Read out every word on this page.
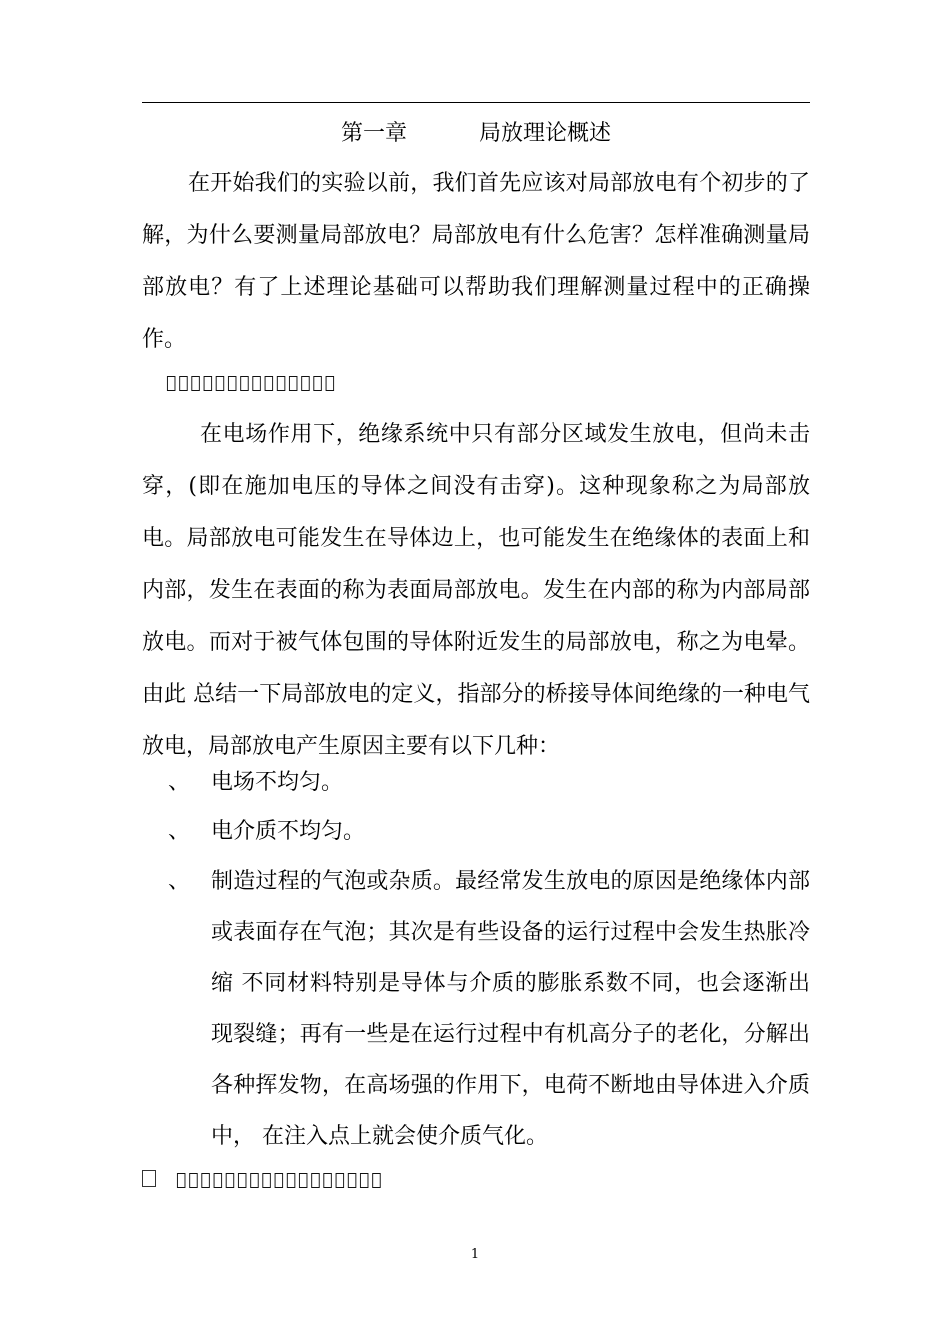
第一章	局放理论概述
在开始我们的实验以前，我们首先应该对局部放电有个初步的了解，为什么要测量局部放电？局部放电有什么危害？怎样准确测量局部放电？有了上述理论基础可以帮助我们理解测量过程中的正确操作。
􏰀􏰀􏰀􏰀􏰀􏰀􏰀􏰀􏰀􏰀􏰀􏰀􏰀􏰀
在电场作用下，绝缘系统中只有部分区域发生放电，但尚未击穿，(即在施加电压的导体之间没有击穿)。这种现象称之为局部放电。局部放电可能发生在导体边上，也可能发生在绝缘体的表面上和内部，发生在表面的称为表面局部放电。发生在内部的称为内部局部放电。而对于被气体包围的导体附近发生的局部放电，称之为电晕。由此 总结一下局部放电的定义，指部分的桥接导体间绝缘的一种电气放电，局部放电产生原因主要有以下几种：
、 电场不均匀。
、 电介质不均匀。
、 制造过程的气泡或杂质。最经常发生放电的原因是绝缘体内部或表面存在气泡；其次是有些设备的运行过程中会发生热胀冷缩 不同材料特别是导体与介质的膨胀系数不同，也会逐渐出现裂缝；再有一些是在运行过程中有机高分子的老化，分解出各种挥发物，在高场强的作用下，电荷不断地由导体进入介质中， 在注入点上就会使介质气化。
􏰀􏰀􏰀􏰀􏰀􏰀􏰀􏰀􏰀􏰀􏰀􏰀􏰀􏰀􏰀􏰀􏰀
1
